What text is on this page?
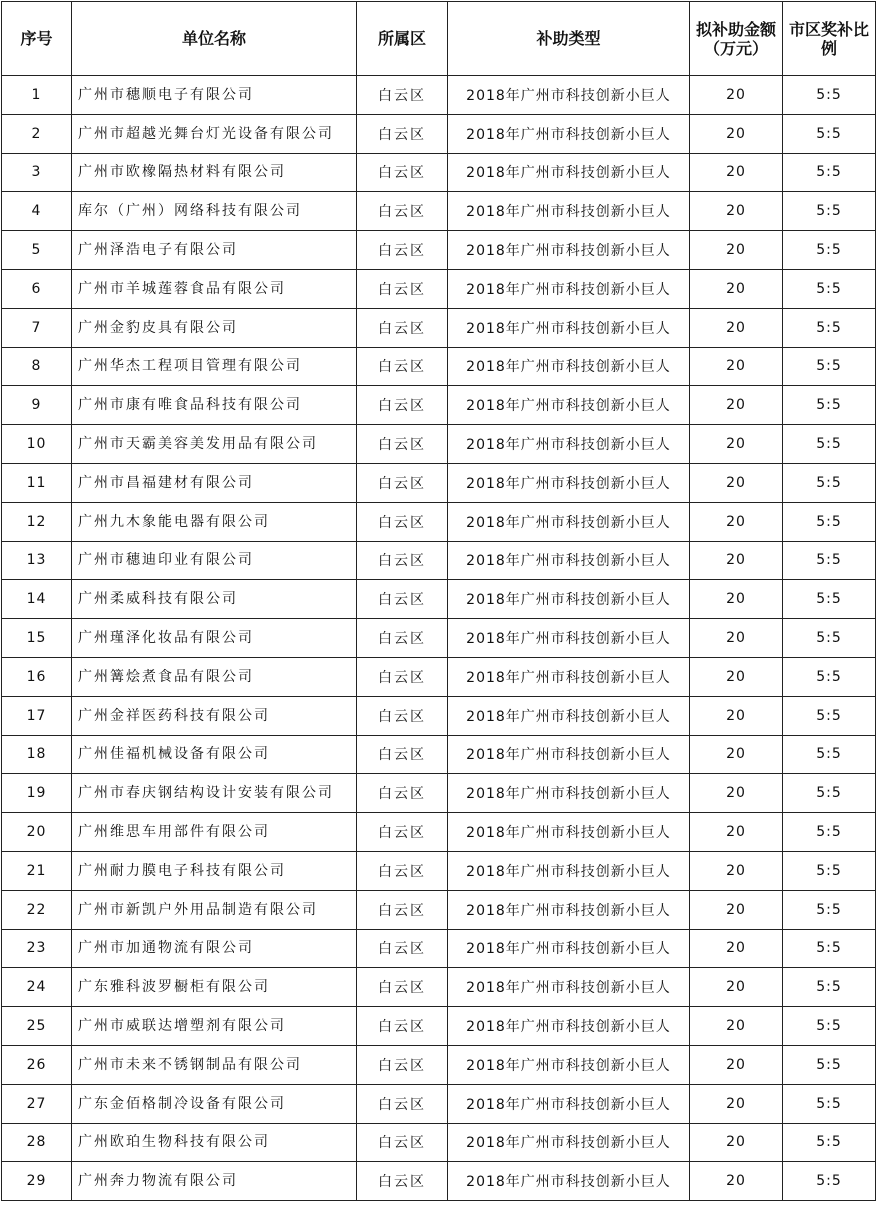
序号	单位名称	所属区	补助类型	拟补助金额（万元）	市区奖补比例
1	广州市穗顺电子有限公司	白云区	2018年广州市科技创新小巨人	20	5:5
2	广州市超越光舞台灯光设备有限公司	白云区	2018年广州市科技创新小巨人	20	5:5
3	广州市欧橡隔热材料有限公司	白云区	2018年广州市科技创新小巨人	20	5:5
4	库尔（广州）网络科技有限公司	白云区	2018年广州市科技创新小巨人	20	5:5
5	广州泽浩电子有限公司	白云区	2018年广州市科技创新小巨人	20	5:5
6	广州市羊城莲蓉食品有限公司	白云区	2018年广州市科技创新小巨人	20	5:5
7	广州金豹皮具有限公司	白云区	2018年广州市科技创新小巨人	20	5:5
8	广州华杰工程项目管理有限公司	白云区	2018年广州市科技创新小巨人	20	5:5
9	广州市康有唯食品科技有限公司	白云区	2018年广州市科技创新小巨人	20	5:5
10	广州市天霸美容美发用品有限公司	白云区	2018年广州市科技创新小巨人	20	5:5
11	广州市昌福建材有限公司	白云区	2018年广州市科技创新小巨人	20	5:5
12	广州九木象能电器有限公司	白云区	2018年广州市科技创新小巨人	20	5:5
13	广州市穗迪印业有限公司	白云区	2018年广州市科技创新小巨人	20	5:5
14	广州柔威科技有限公司	白云区	2018年广州市科技创新小巨人	20	5:5
15	广州瑾泽化妆品有限公司	白云区	2018年广州市科技创新小巨人	20	5:5
16	广州篝烩煮食品有限公司	白云区	2018年广州市科技创新小巨人	20	5:5
17	广州金祥医药科技有限公司	白云区	2018年广州市科技创新小巨人	20	5:5
18	广州佳福机械设备有限公司	白云区	2018年广州市科技创新小巨人	20	5:5
19	广州市春庆钢结构设计安装有限公司	白云区	2018年广州市科技创新小巨人	20	5:5
20	广州维思车用部件有限公司	白云区	2018年广州市科技创新小巨人	20	5:5
21	广州耐力膜电子科技有限公司	白云区	2018年广州市科技创新小巨人	20	5:5
22	广州市新凯户外用品制造有限公司	白云区	2018年广州市科技创新小巨人	20	5:5
23	广州市加通物流有限公司	白云区	2018年广州市科技创新小巨人	20	5:5
24	广东雅科波罗橱柜有限公司	白云区	2018年广州市科技创新小巨人	20	5:5
25	广州市威联达增塑剂有限公司	白云区	2018年广州市科技创新小巨人	20	5:5
26	广州市未来不锈钢制品有限公司	白云区	2018年广州市科技创新小巨人	20	5:5
27	广东金佰格制冷设备有限公司	白云区	2018年广州市科技创新小巨人	20	5:5
28	广州欧珀生物科技有限公司	白云区	2018年广州市科技创新小巨人	20	5:5
29	广州奔力物流有限公司	白云区	2018年广州市科技创新小巨人	20	5:5
